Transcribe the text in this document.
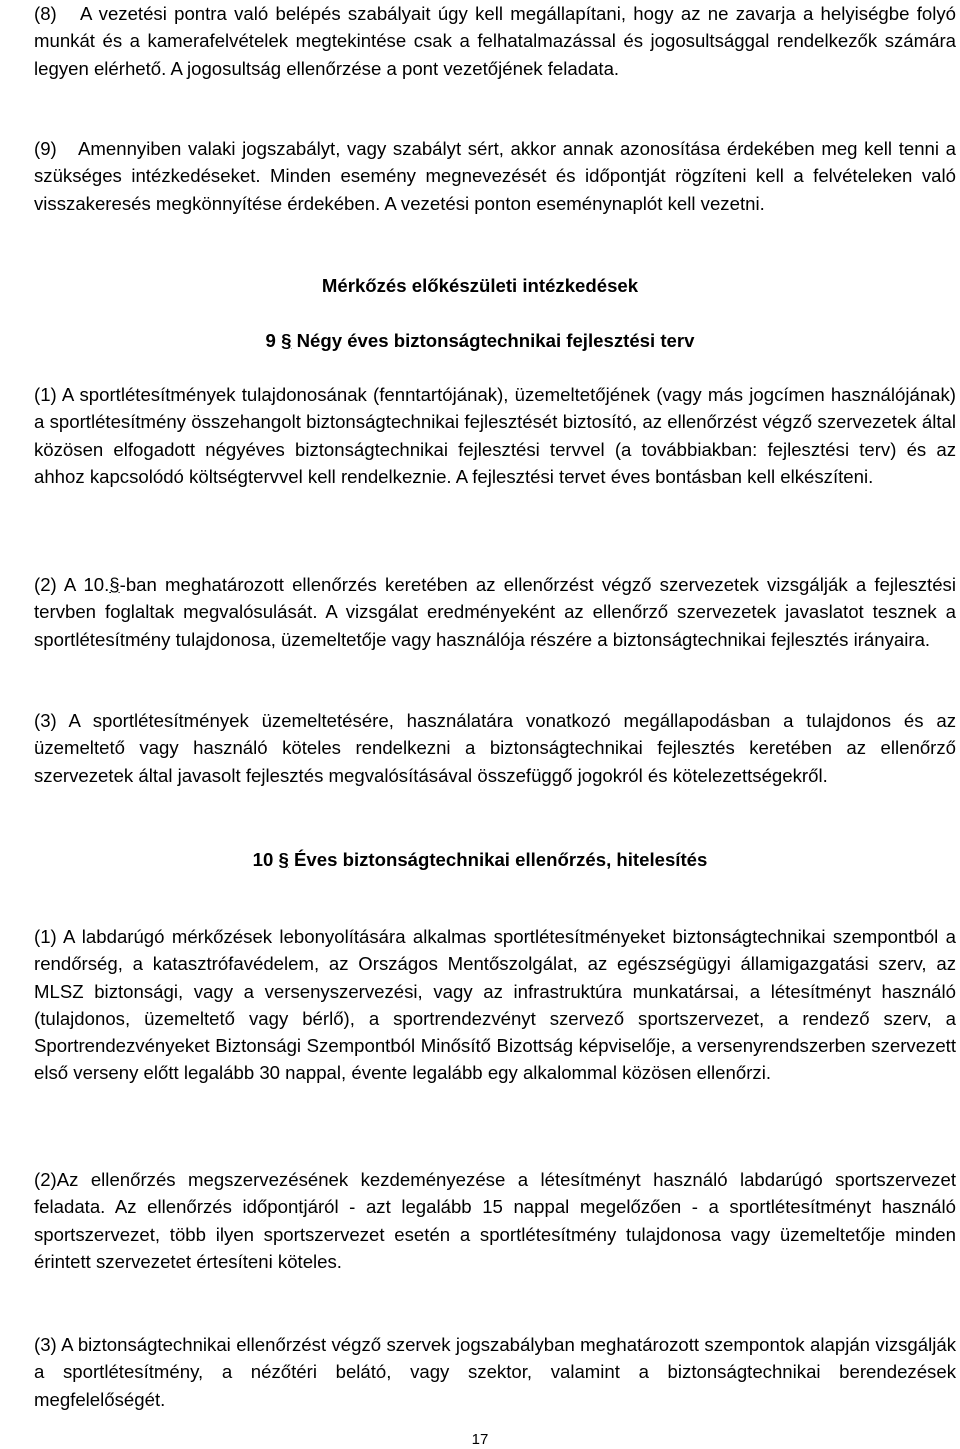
(8)	A vezetési pontra való belépés szabályait úgy kell megállapítani, hogy az ne zavarja a helyiségbe folyó munkát és a kamerafelvételek megtekintése csak a felhatalmazással és jogosultsággal rendelkezők számára legyen elérhető. A jogosultság ellenőrzése a pont vezetőjének feladata.
(9)	Amennyiben valaki jogszabályt, vagy szabályt sért, akkor annak azonosítása érdekében meg kell tenni a szükséges intézkedéseket. Minden esemény megnevezését és időpontját rögzíteni kell a felvételeken való visszakeresés megkönnyítése érdekében. A vezetési ponton eseménynaplót kell vezetni.

Mérkőzés előkészületi intézkedések

9 § Négy éves biztonságtechnikai fejlesztési terv

(1) A sportlétesítmények tulajdonosának (fenntartójának), üzemeltetőjének (vagy más jogcímen használójának) a sportlétesítmény összehangolt biztonságtechnikai fejlesztését biztosító, az ellenőrzést végző szervezetek által közösen elfogadott négyéves biztonságtechnikai fejlesztési tervvel (a továbbiakban: fejlesztési terv) és az ahhoz kapcsolódó költségtervvel kell rendelkeznie. A fejlesztési tervet éves bontásban kell elkészíteni.
(2) A 10.§-ban meghatározott ellenőrzés keretében az ellenőrzést végző szervezetek vizsgálják a fejlesztési tervben foglaltak megvalósulását. A vizsgálat eredményeként az ellenőrző szervezetek javaslatot tesznek a sportlétesítmény tulajdonosa, üzemeltetője vagy használója részére a biztonságtechnikai fejlesztés irányaira.
(3) A sportlétesítmények üzemeltetésére, használatára vonatkozó megállapodásban a tulajdonos és az üzemeltető vagy használó köteles rendelkezni a biztonságtechnikai fejlesztés keretében az ellenőrző szervezetek által javasolt fejlesztés megvalósításával összefüggő jogokról és kötelezettségekről.

10 § Éves biztonságtechnikai ellenőrzés, hitelesítés

(1) A labdarúgó mérkőzések lebonyolítására alkalmas sportlétesítményeket biztonságtechnikai szempontból a rendőrség, a katasztrófavédelem, az Országos Mentőszolgálat, az egészségügyi államigazgatási szerv, az MLSZ biztonsági, vagy a versenyszervezési, vagy az infrastruktúra munkatársai, a létesítményt használó (tulajdonos, üzemeltető vagy bérlő), a sportrendezvényt szervező sportszervezet, a rendező szerv, a Sportrendezvényeket Biztonsági Szempontból Minősítő Bizottság képviselője, a versenyrendszerben szervezett első verseny előtt legalább 30 nappal, évente legalább egy alkalommal közösen ellenőrzi.
(2)Az ellenőrzés megszervezésének kezdeményezése a létesítményt használó labdarúgó sportszervezet feladata. Az ellenőrzés időpontjáról - azt legalább 15 nappal megelőzően - a sportlétesítményt használó sportszervezet, több ilyen sportszervezet esetén a sportlétesítmény tulajdonosa vagy üzemeltetője minden érintett szervezetet értesíteni köteles.
(3) A biztonságtechnikai ellenőrzést végző szervek jogszabályban meghatározott szempontok alapján vizsgálják a sportlétesítmény, a nézőtéri belátó, vagy szektor, valamint a biztonságtechnikai berendezések megfelelőségét.
17
